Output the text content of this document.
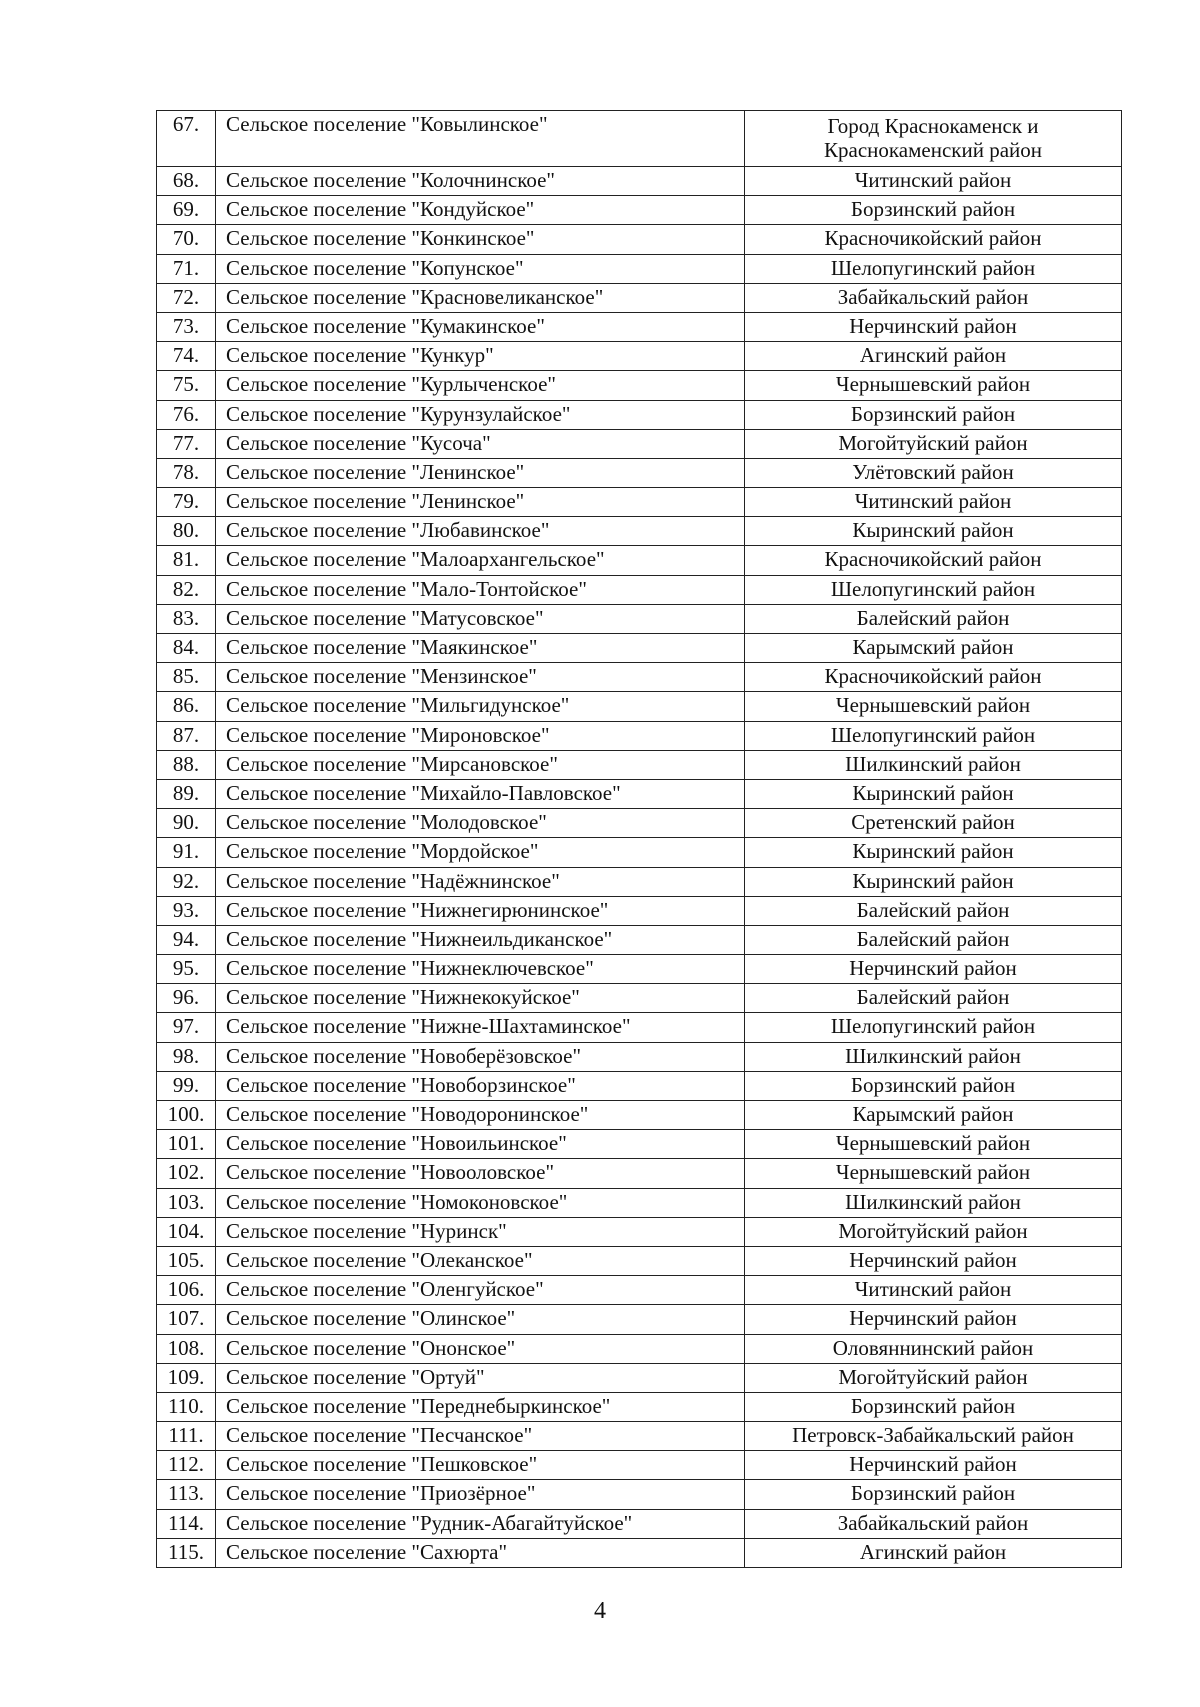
67.	Сельское поселение "Ковылинское"	Город Краснокаменск и Краснокаменский район
68.	Сельское поселение "Колочнинское"	Читинский район
69.	Сельское поселение "Кондуйское"	Борзинский район
70.	Сельское поселение "Конкинское"	Красночикойский район
71.	Сельское поселение "Копунское"	Шелопугинский район
72.	Сельское поселение "Красновеликанское"	Забайкальский район
73.	Сельское поселение "Кумакинское"	Нерчинский район
74.	Сельское поселение "Кункур"	Агинский район
75.	Сельское поселение "Курлыченское"	Чернышевский район
76.	Сельское поселение "Курунзулайское"	Борзинский район
77.	Сельское поселение "Кусоча"	Могойтуйский район
78.	Сельское поселение "Ленинское"	Улётовский район
79.	Сельское поселение "Ленинское"	Читинский район
80.	Сельское поселение "Любавинское"	Кыринский район
81.	Сельское поселение "Малоархангельское"	Красночикойский район
82.	Сельское поселение "Мало-Тонтойское"	Шелопугинский район
83.	Сельское поселение "Матусовское"	Балейский район
84.	Сельское поселение "Маякинское"	Карымский район
85.	Сельское поселение "Мензинское"	Красночикойский район
86.	Сельское поселение "Мильгидунское"	Чернышевский район
87.	Сельское поселение "Мироновское"	Шелопугинский район
88.	Сельское поселение "Мирсановское"	Шилкинский район
89.	Сельское поселение "Михайло-Павловское"	Кыринский район
90.	Сельское поселение "Молодовское"	Сретенский район
91.	Сельское поселение "Мордойское"	Кыринский район
92.	Сельское поселение "Надёжнинское"	Кыринский район
93.	Сельское поселение "Нижнегирюнинское"	Балейский район
94.	Сельское поселение "Нижнеильдиканское"	Балейский район
95.	Сельское поселение "Нижнеключевское"	Нерчинский район
96.	Сельское поселение "Нижнекокуйское"	Балейский район
97.	Сельское поселение "Нижне-Шахтаминское"	Шелопугинский район
98.	Сельское поселение "Новоберёзовское"	Шилкинский район
99.	Сельское поселение "Новоборзинское"	Борзинский район
100.	Сельское поселение "Новодоронинское"	Карымский район
101.	Сельское поселение "Новоильинское"	Чернышевский район
102.	Сельское поселение "Новооловское"	Чернышевский район
103.	Сельское поселение "Номоконовское"	Шилкинский район
104.	Сельское поселение "Нуринск"	Могойтуйский район
105.	Сельское поселение "Олеканское"	Нерчинский район
106.	Сельское поселение "Оленгуйское"	Читинский район
107.	Сельское поселение "Олинское"	Нерчинский район
108.	Сельское поселение "Ононское"	Оловяннинский район
109.	Сельское поселение "Ортуй"	Могойтуйский район
110.	Сельское поселение "Переднебыркинское"	Борзинский район
111.	Сельское поселение "Песчанское"	Петровск-Забайкальский район
112.	Сельское поселение "Пешковское"	Нерчинский район
113.	Сельское поселение "Приозёрное"	Борзинский район
114.	Сельское поселение "Рудник-Абагайтуйское"	Забайкальский район
115.	Сельское поселение "Сахюрта"	Агинский район
4
